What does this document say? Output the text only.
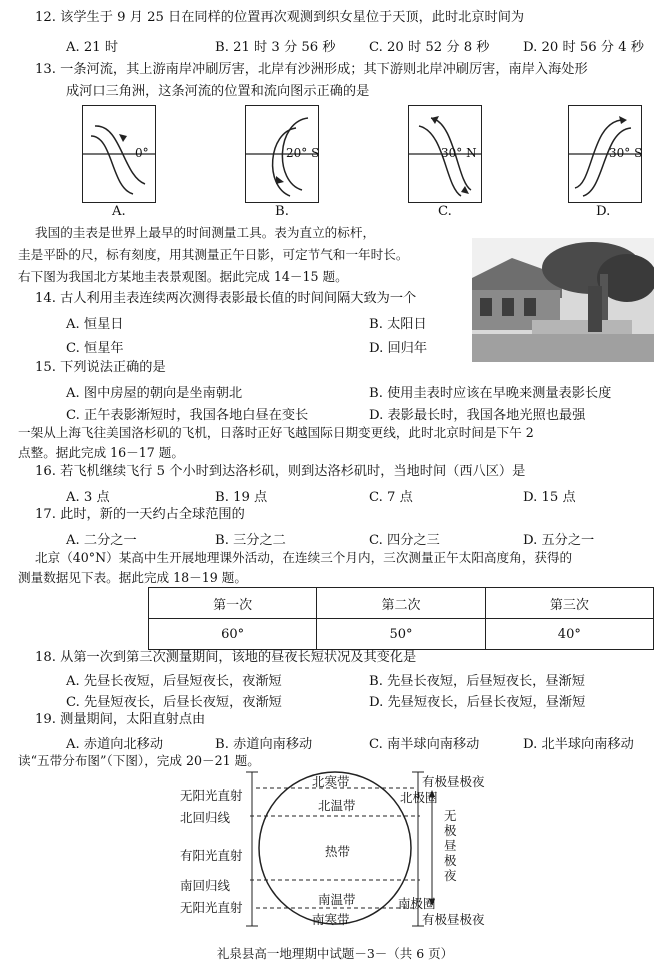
12. 该学生于 9 月 25 日在同样的位置再次观测到织女星位于天顶，此时北京时间为
A. 21 时	B. 21 时 3 分 56 秒	C. 20 时 52 分 8 秒	D. 20 时 56 分 4 秒
13. 一条河流，其上游南岸冲刷厉害，北岸有沙洲形成；其下游则北岸冲刷厉害，南岸入海处形
成河口三角洲，这条河流的位置和流向图示正确的是
0°
A.
20° S
B.
30° N
C.
30° S
D.
我国的圭表是世界上最早的时间测量工具。表为直立的标杆，
圭是平卧的尺，标有刻度，用其测量正午日影，可定节气和一年时长。
右下图为我国北方某地圭表景观图。据此完成 14－15 题。
14. 古人利用圭表连续两次测得表影最长值的时间间隔大致为一个
A. 恒星日	B. 太阳日
C. 恒星年	D. 回归年
15. 下列说法正确的是
A. 图中房屋的朝向是坐南朝北	B. 使用圭表时应该在早晚来测量表影长度
C. 正午表影渐短时，我国各地白昼在变长	D. 表影最长时，我国各地光照也最强
一架从上海飞往美国洛杉矶的飞机，日落时正好飞越国际日期变更线，此时北京时间是下午 2
点整。据此完成 16－17 题。
16. 若飞机继续飞行 5 个小时到达洛杉矶，则到达洛杉矶时，当地时间（西八区）是
A. 3 点	B. 19 点	C. 7 点	D. 15 点
17. 此时，新的一天约占全球范围的
A. 二分之一	B. 三分之二	C. 四分之三	D. 五分之一
北京（40°N）某高中生开展地理课外活动，在连续三个月内，三次测量正午太阳高度角，获得的
测量数据见下表。据此完成 18－19 题。
第一次	第二次	第三次
60°	50°	40°
18. 从第一次到第三次测量期间，该地的昼夜长短状况及其变化是
A. 先昼长夜短，后昼短夜长，夜渐短	B. 先昼长夜短，后昼短夜长，昼渐短
C. 先昼短夜长，后昼长夜短，夜渐短	D. 先昼短夜长，后昼长夜短，昼渐短
19. 测量期间，太阳直射点由
A. 赤道向北移动	B. 赤道向南移动	C. 南半球向南移动	D. 北半球向南移动
读“五带分布图”（下图），完成 20－21 题。
无阳光直射
北回归线
有阳光直射
南回归线
无阳光直射
北寒带
北温带
热带
南温带
南寒带
有极昼极夜
北极圈
无极昼极夜
南极圈
有极昼极夜
礼泉县高一地理期中试题－3－（共 6 页）
